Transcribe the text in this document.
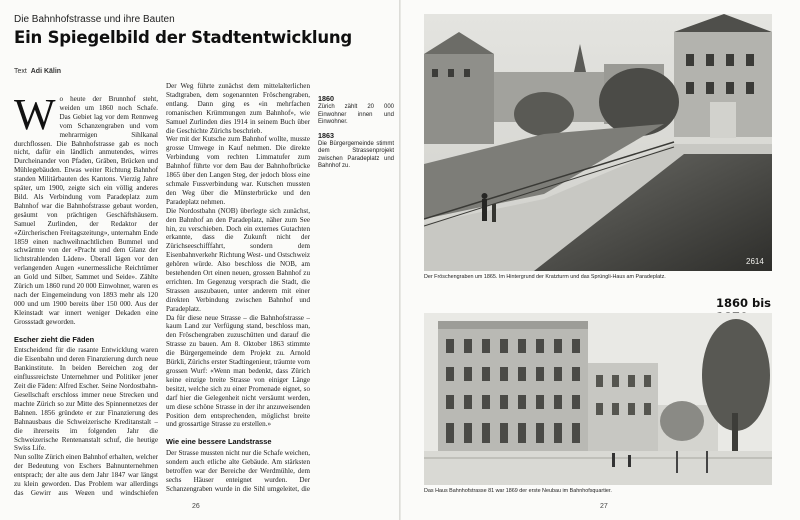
Die Bahnhofstrasse und ihre Bauten
Ein Spiegelbild der Stadtentwicklung
Text Adi Kälin

W o heute der Brunnhof steht, weiden um 1860 noch Schafe. Das Gebiet lag vor dem Rennweg vom Schanzengraben und vom mehrarmigen Sihlkanal durchflossen. Die Bahnhofstrasse gab es noch nicht, dafür ein ländlich anmutendes, wirres Durcheinander von Pfaden, Gräben, Brücken und Mühlegebäuden. Etwas weiter Richtung Bahnhof standen Militärbauten des Kantons. Vierzig Jahre später, um 1900, zeigte sich ein völlig anderes Bild. Als Verbindung vom Paradeplatz zum Bahnhof war die Bahnhofstrasse gebaut worden, gesäumt von prächtigen Geschäftshäusern. Samuel Zurlinden, der Redaktor der «Zürcherischen Freitagszeitung», unternahm Ende 1859 einen nachweihnachtlichen Bummel und schwärmte von der «Pracht und dem Glanz der lichtstrahlenden Läden». Überall lägen vor den verlangenden Augen «unermessliche Reichtümer an Gold und Silber, Sammet und Seide». Zählte Zürich um 1860 rund 20 000 Einwohner, waren es nach der Eingemeindung von 1893 mehr als 120 000 und um 1900 bereits über 150 000. Aus der Kleinstadt war innert weniger Dekaden eine Grossstadt geworden.

Escher zieht die Fäden

Entscheidend für die rasante Entwicklung waren die Eisenbahn und deren Finanzierung durch neue Bankinstitute. In beiden Bereichen zog der einflussreichste Unternehmer und Politiker jener Zeit die Fäden: Alfred Escher. Seine Nordostbahn-Gesellschaft erschloss immer neue Strecken und machte Zürich so zur Mitte des Spinnennetzes der Bahnen. 1856 gründete er zur Finanzierung des Bahnausbaus die Schweizerische Kreditanstalt – die ihrerseits im folgenden Jahr die Schweizerische Rentenanstalt schuf, die heutige Swiss Life.

Nun sollte Zürich einen Bahnhof erhalten, welcher der Bedeutung von Eschers Bahnunternehmen entsprach; der alte aus dem Jahr 1847 war längst zu klein geworden. Das Problem war allerdings das Gewirr aus Wegen und windschiefen

Der Weg führte zunächst dem mittelalterlichen Stadtgraben, dem sogenannten Fröschengraben, entlang. Dann ging es «in mehrfachen romanischen Krümmungen zum Bahnhof», wie Samuel Zurlinden dies 1914 in seinem Buch über die Geschichte Zürichs beschrieb.

Wer mit der Kutsche zum Bahnhof wollte, musste grosse Umwege in Kauf nehmen. Die direkte Verbindung vom rechten Limmatufer zum Bahnhof führte vor dem Bau der Bahnhofbrücke 1865 über den Langen Steg, der jedoch bloss eine schmale Fussverbindung war. Kutschen mussten den Weg über die Münsterbrücke und den Paradeplatz nehmen.

Die Nordostbahn (NOB) überlegte sich zunächst, den Bahnhof an den Paradeplatz, näher zum See hin, zu verschieben. Doch ein externes Gutachten erkannte, dass die Zukunft nicht der Zürichseeschifffahrt, sondern dem Eisenbahnverkehr Richtung West- und Ostschweiz gehören würde. Also beschloss die NOB, am bestehenden Ort einen neuen, grossen Bahnhof zu errichten. Im Gegenzug versprach die Stadt, die Strassen auszubauen, unter anderem mit einer direkten Verbindung zwischen Bahnhof und Paradeplatz.

Da für diese neue Strasse – die Bahnhofstrasse – kaum Land zur Verfügung stand, beschloss man, den Fröschengraben zuzuschütten und darauf die Strasse zu bauen. Am 8. Oktober 1863 stimmte die Bürgergemeinde dem Projekt zu. Arnold Bürkli, Zürichs erster Stadtingenieur, träumte vom grossen Wurf: «Wenn man bedenkt, dass Zürich keine einzige breite Strasse von einiger Länge besitzt, welche sich zu einer Promenade eignet, so darf hier die Gelegenheit nicht versäumt werden, um diese schöne Strasse in der ihr anzuweisenden Position dem entsprechenden, möglichst breite und grossartige Strasse zu erstellen.»

Wie eine bessere Landstrasse

Der Strasse mussten nicht nur die Schafe weichen, sondern auch etliche alte Gebäude. Am stärksten betroffen war der Bereiche der Werdmühle, dem sechs Häuser enteignet wurden. Der Schanzengraben wurde in die Sihl umgeleitet, die

1860
Zürich zählt 20 000 Einwohner innen und Einwohner.
1863
Die Bürgergemeinde stimmt dem Strassenprojekt zwischen Paradeplatz und Bahnhof zu.
26
2614
Der Fröschengraben um 1865. Im Hintergrund der Kratzturm und das Sprüngli-Haus am Paradeplatz.
1860 bis
Das Haus Bahnhofstrasse 81 war 1869 der erste Neubau im Bahnhofsquartier.
27
